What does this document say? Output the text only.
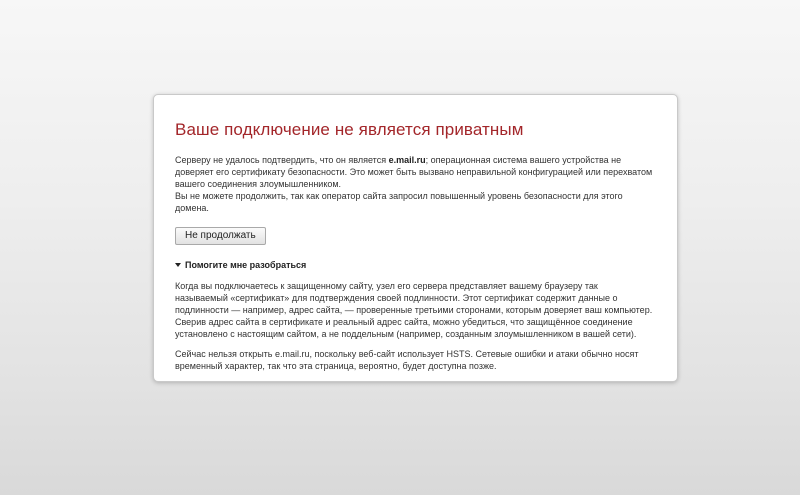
Ваше подключение не является приватным
Серверу не удалось подтвердить, что он является e.mail.ru; операционная система вашего устройства не доверяет его сертификату безопасности. Это может быть вызвано неправильной конфигурацией или перехватом вашего соединения злоумышленником.
Вы не можете продолжить, так как оператор сайта запросил повышенный уровень безопасности для этого домена.
Не продолжать
Помогите мне разобраться
Когда вы подключаетесь к защищенному сайту, узел его сервера представляет вашему браузеру так называемый «сертификат» для подтверждения своей подлинности. Этот сертификат содержит данные о подлинности — например, адрес сайта, — проверенные третьими сторонами, которым доверяет ваш компьютер. Сверив адрес сайта в сертификате и реальный адрес сайта, можно убедиться, что защищённое соединение установлено с настоящим сайтом, а не поддельным (например, созданным злоумышленником в вашей сети).
Сейчас нельзя открыть e.mail.ru, поскольку веб-сайт использует HSTS. Сетевые ошибки и атаки обычно носят временный характер, так что эта страница, вероятно, будет доступна позже.
